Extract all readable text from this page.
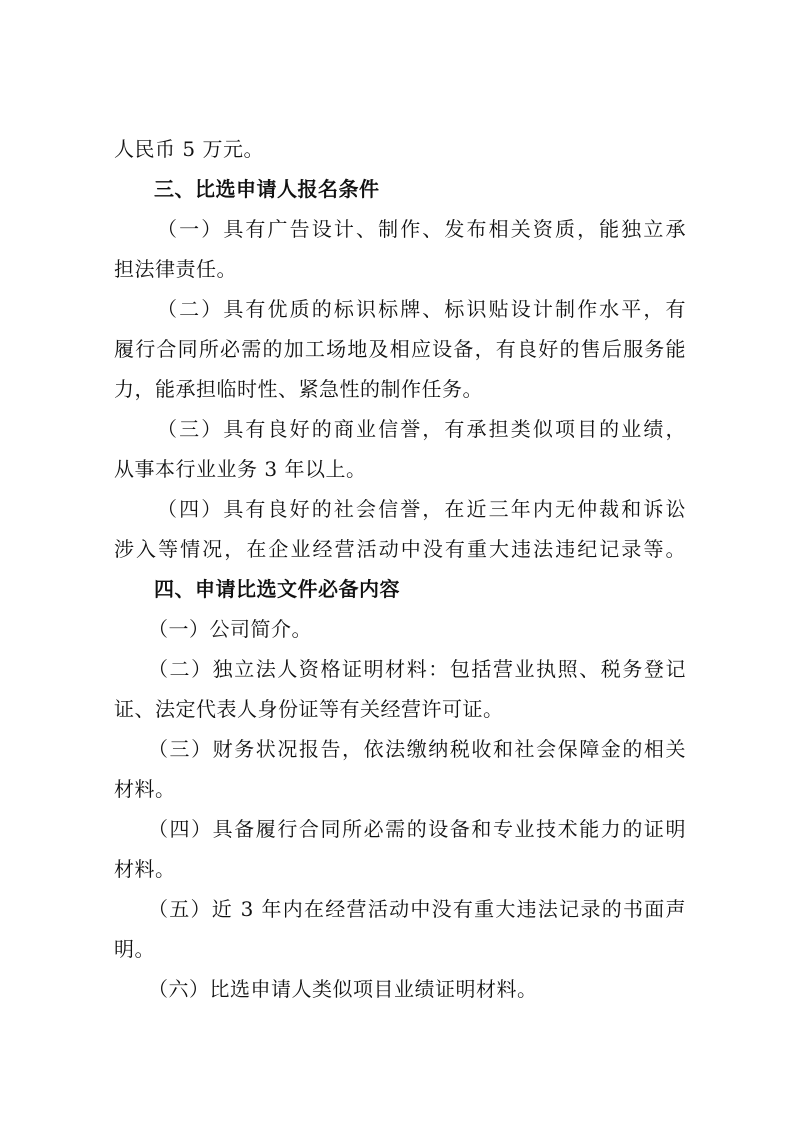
人民币 5 万元。
三、比选申请人报名条件
（一）具有广告设计、制作、发布相关资质，能独立承
担法律责任。
（二）具有优质的标识标牌、标识贴设计制作水平，有
履行合同所必需的加工场地及相应设备，有良好的售后服务能
力，能承担临时性、紧急性的制作任务。
（三）具有良好的商业信誉，有承担类似项目的业绩，
从事本行业业务 3 年以上。
（四）具有良好的社会信誉，在近三年内无仲裁和诉讼
涉入等情况，在企业经营活动中没有重大违法违纪记录等。
四、申请比选文件必备内容
（一）公司简介。
（二）独立法人资格证明材料：包括营业执照、税务登记
证、法定代表人身份证等有关经营许可证。
（三）财务状况报告，依法缴纳税收和社会保障金的相关
材料。
（四）具备履行合同所必需的设备和专业技术能力的证明
材料。
（五）近 3 年内在经营活动中没有重大违法记录的书面声
明。
（六）比选申请人类似项目业绩证明材料。
